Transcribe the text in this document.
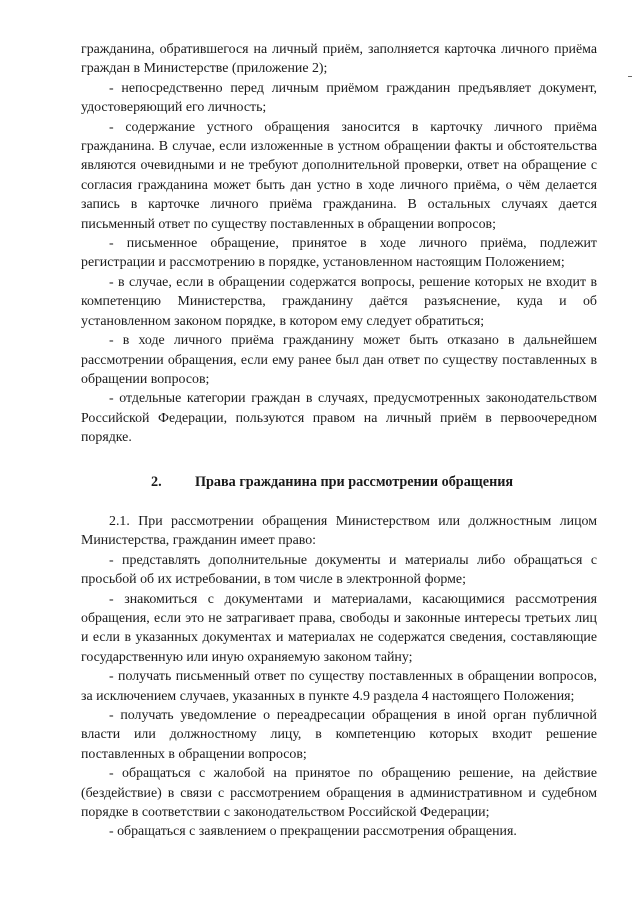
гражданина, обратившегося на личный приём, заполняется карточка личного приёма граждан в Министерстве (приложение 2);

- непосредственно перед личным приёмом гражданин предъявляет документ, удостоверяющий его личность;

- содержание устного обращения заносится в карточку личного приёма гражданина. В случае, если изложенные в устном обращении факты и обстоятельства являются очевидными и не требуют дополнительной проверки, ответ на обращение с согласия гражданина может быть дан устно в ходе личного приёма, о чём делается запись в карточке личного приёма гражданина. В остальных случаях дается письменный ответ по существу поставленных в обращении вопросов;

- письменное обращение, принятое в ходе личного приёма, подлежит регистрации и рассмотрению в порядке, установленном настоящим Положением;

- в случае, если в обращении содержатся вопросы, решение которых не входит в компетенцию Министерства, гражданину даётся разъяснение, куда и об установленном законом порядке, в котором ему следует обратиться;

- в ходе личного приёма гражданину может быть отказано в дальнейшем рассмотрении обращения, если ему ранее был дан ответ по существу поставленных в обращении вопросов;

- отдельные категории граждан в случаях, предусмотренных законодательством Российской Федерации, пользуются правом на личный приём в первоочередном порядке.

2. Права гражданина при рассмотрении обращения

2.1. При рассмотрении обращения Министерством или должностным лицом Министерства, гражданин имеет право:

- представлять дополнительные документы и материалы либо обращаться с просьбой об их истребовании, в том числе в электронной форме;

- знакомиться с документами и материалами, касающимися рассмотрения обращения, если это не затрагивает права, свободы и законные интересы третьих лиц и если в указанных документах и материалах не содержатся сведения, составляющие государственную или иную охраняемую законом тайну;

- получать письменный ответ по существу поставленных в обращении вопросов, за исключением случаев, указанных в пункте 4.9 раздела 4 настоящего Положения;

- получать уведомление о переадресации обращения в иной орган публичной власти или должностному лицу, в компетенцию которых входит решение поставленных в обращении вопросов;

- обращаться с жалобой на принятое по обращению решение, на действие (бездействие) в связи с рассмотрением обращения в административном и судебном порядке в соответствии с законодательством Российской Федерации;

- обращаться с заявлением о прекращении рассмотрения обращения.
